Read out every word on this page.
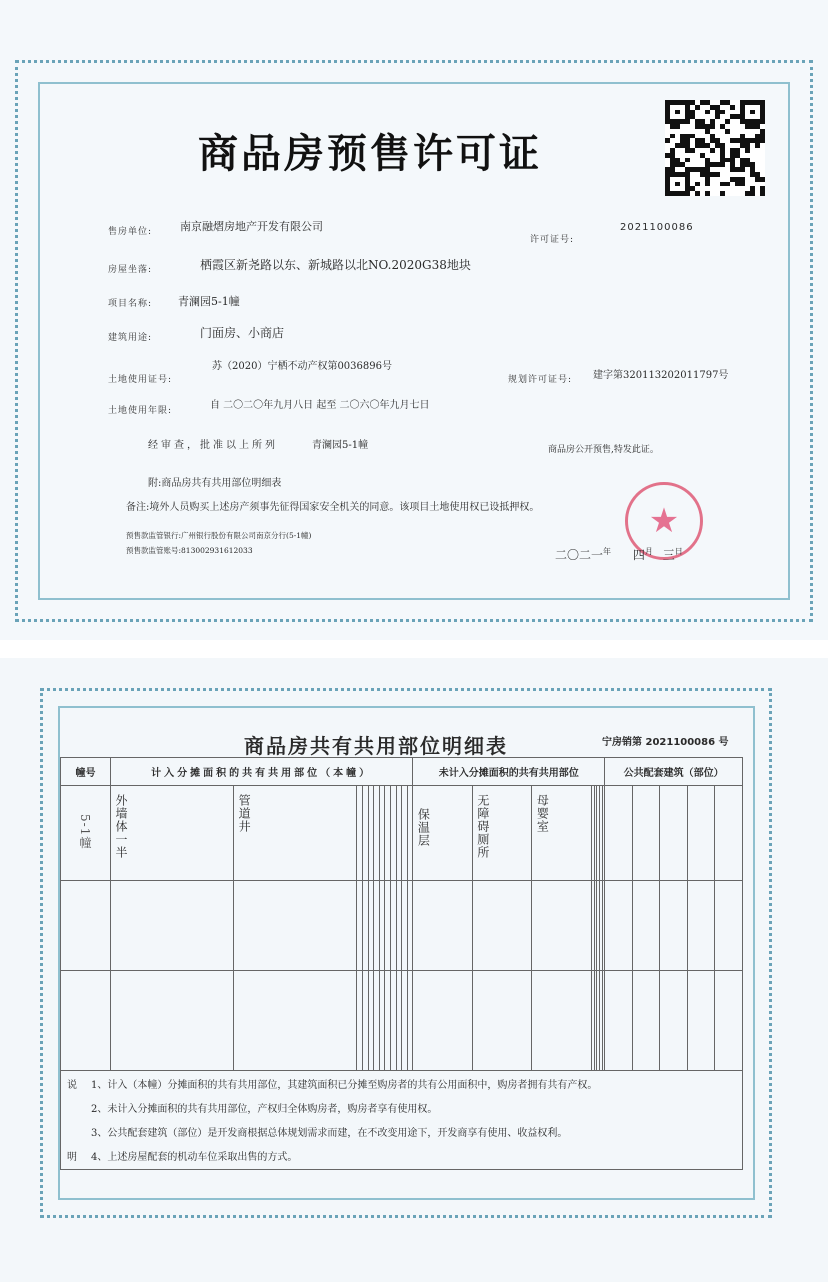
商品房预售许可证
售房单位:	南京融熠房地产开发有限公司
许可证号:
2021100086
房屋坐落:	栖霞区新尧路以东、新城路以北NO.2020G38地块
项目名称: 青澜园5-1幢
建筑用途:	门面房、小商店
土地使用证号:
苏（2020）宁栖不动产权第0036896号
规划许可证号: 建字第320113202011797号
土地使用年限:	自 二〇二〇年九月八日 起至 二〇六〇年九月七日
经审查，批准以上所列	青澜园5-1幢	商品房公开预售,特发此证。
附:商品房共有共用部位明细表
备注:境外人员购买上述房产须事先征得国家安全机关的同意。该项目土地使用权已设抵押权。
预售款监管银行:广州银行股份有限公司南京分行(5-1幢)
预售款监管账号:813002931612033
★
二〇二一$^年$ 四$^月$ 三$^日$
商品房共有共用部位明细表	宁房销第 2021100086 号
幢号	计入分摊面积的共有共用部位（本幢）												未计入分摊面积的共有共用部位								公共配套建筑（部位）				

5-1幢	外墙体一半	管道井											保温层	无障碍厕所	母婴室										

说
明
1、计入（本幢）分摊面积的共有共用部位，其建筑面积已分摊至购房者的共有公用面积中，购房者拥有共有产权。
2、未计入分摊面积的共有共用部位，产权归全体购房者，购房者享有使用权。
3、公共配套建筑（部位）是开发商根据总体规划需求而建，在不改变用途下，开发商享有使用、收益权利。
4、上述房屋配套的机动车位采取出售的方式。
